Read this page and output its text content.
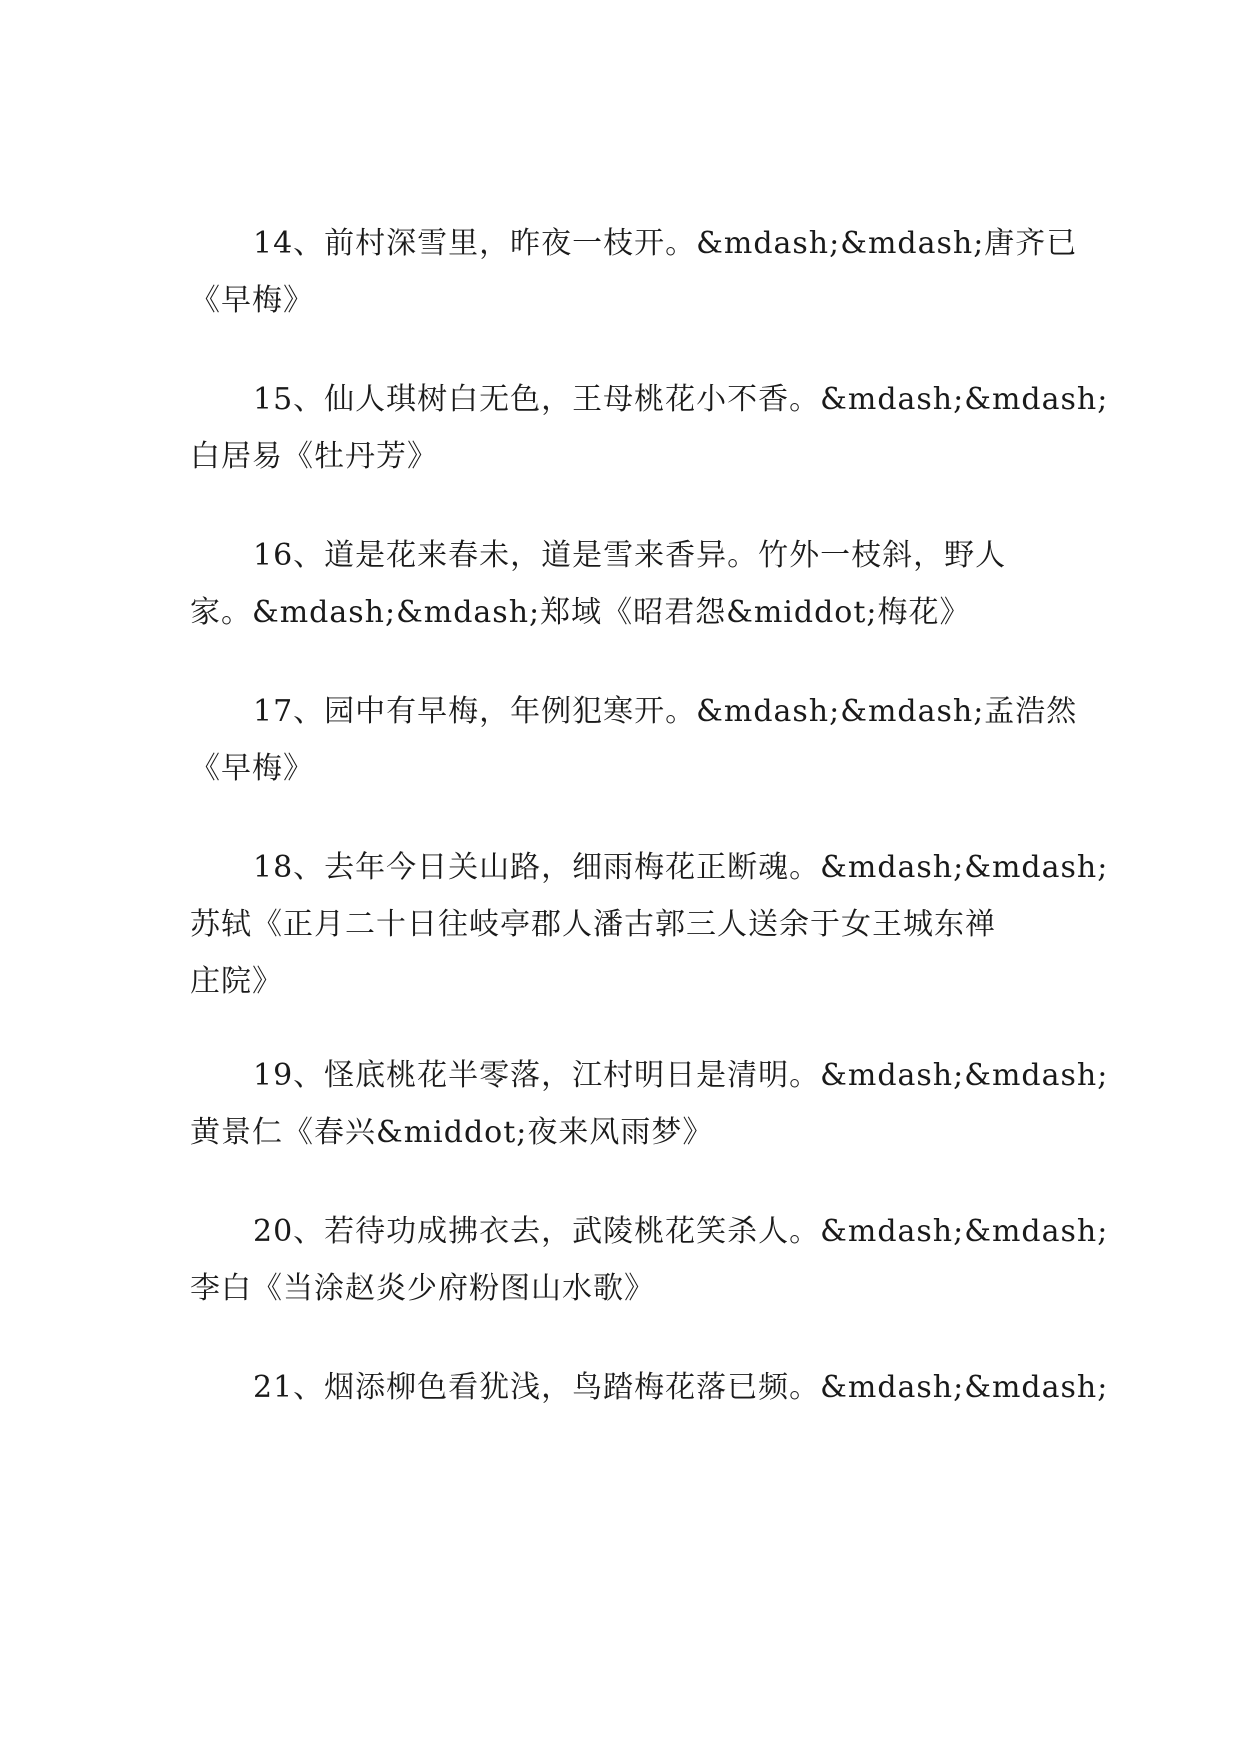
14、前村深雪里，昨夜一枝开。&mdash;&mdash;唐齐已
《早梅》
15、仙人琪树白无色，王母桃花小不香。&mdash;&mdash;
白居易《牡丹芳》
16、道是花来春未，道是雪来香异。竹外一枝斜，野人
家。&mdash;&mdash;郑域《昭君怨&middot;梅花》
17、园中有早梅，年例犯寒开。&mdash;&mdash;孟浩然
《早梅》
18、去年今日关山路，细雨梅花正断魂。&mdash;&mdash;
苏轼《正月二十日往岐亭郡人潘古郭三人送余于女王城东禅
庄院》
19、怪底桃花半零落，江村明日是清明。&mdash;&mdash;
黄景仁《春兴&middot;夜来风雨梦》
20、若待功成拂衣去，武陵桃花笑杀人。&mdash;&mdash;
李白《当涂赵炎少府粉图山水歌》
21、烟添柳色看犹浅，鸟踏梅花落已频。&mdash;&mdash;
